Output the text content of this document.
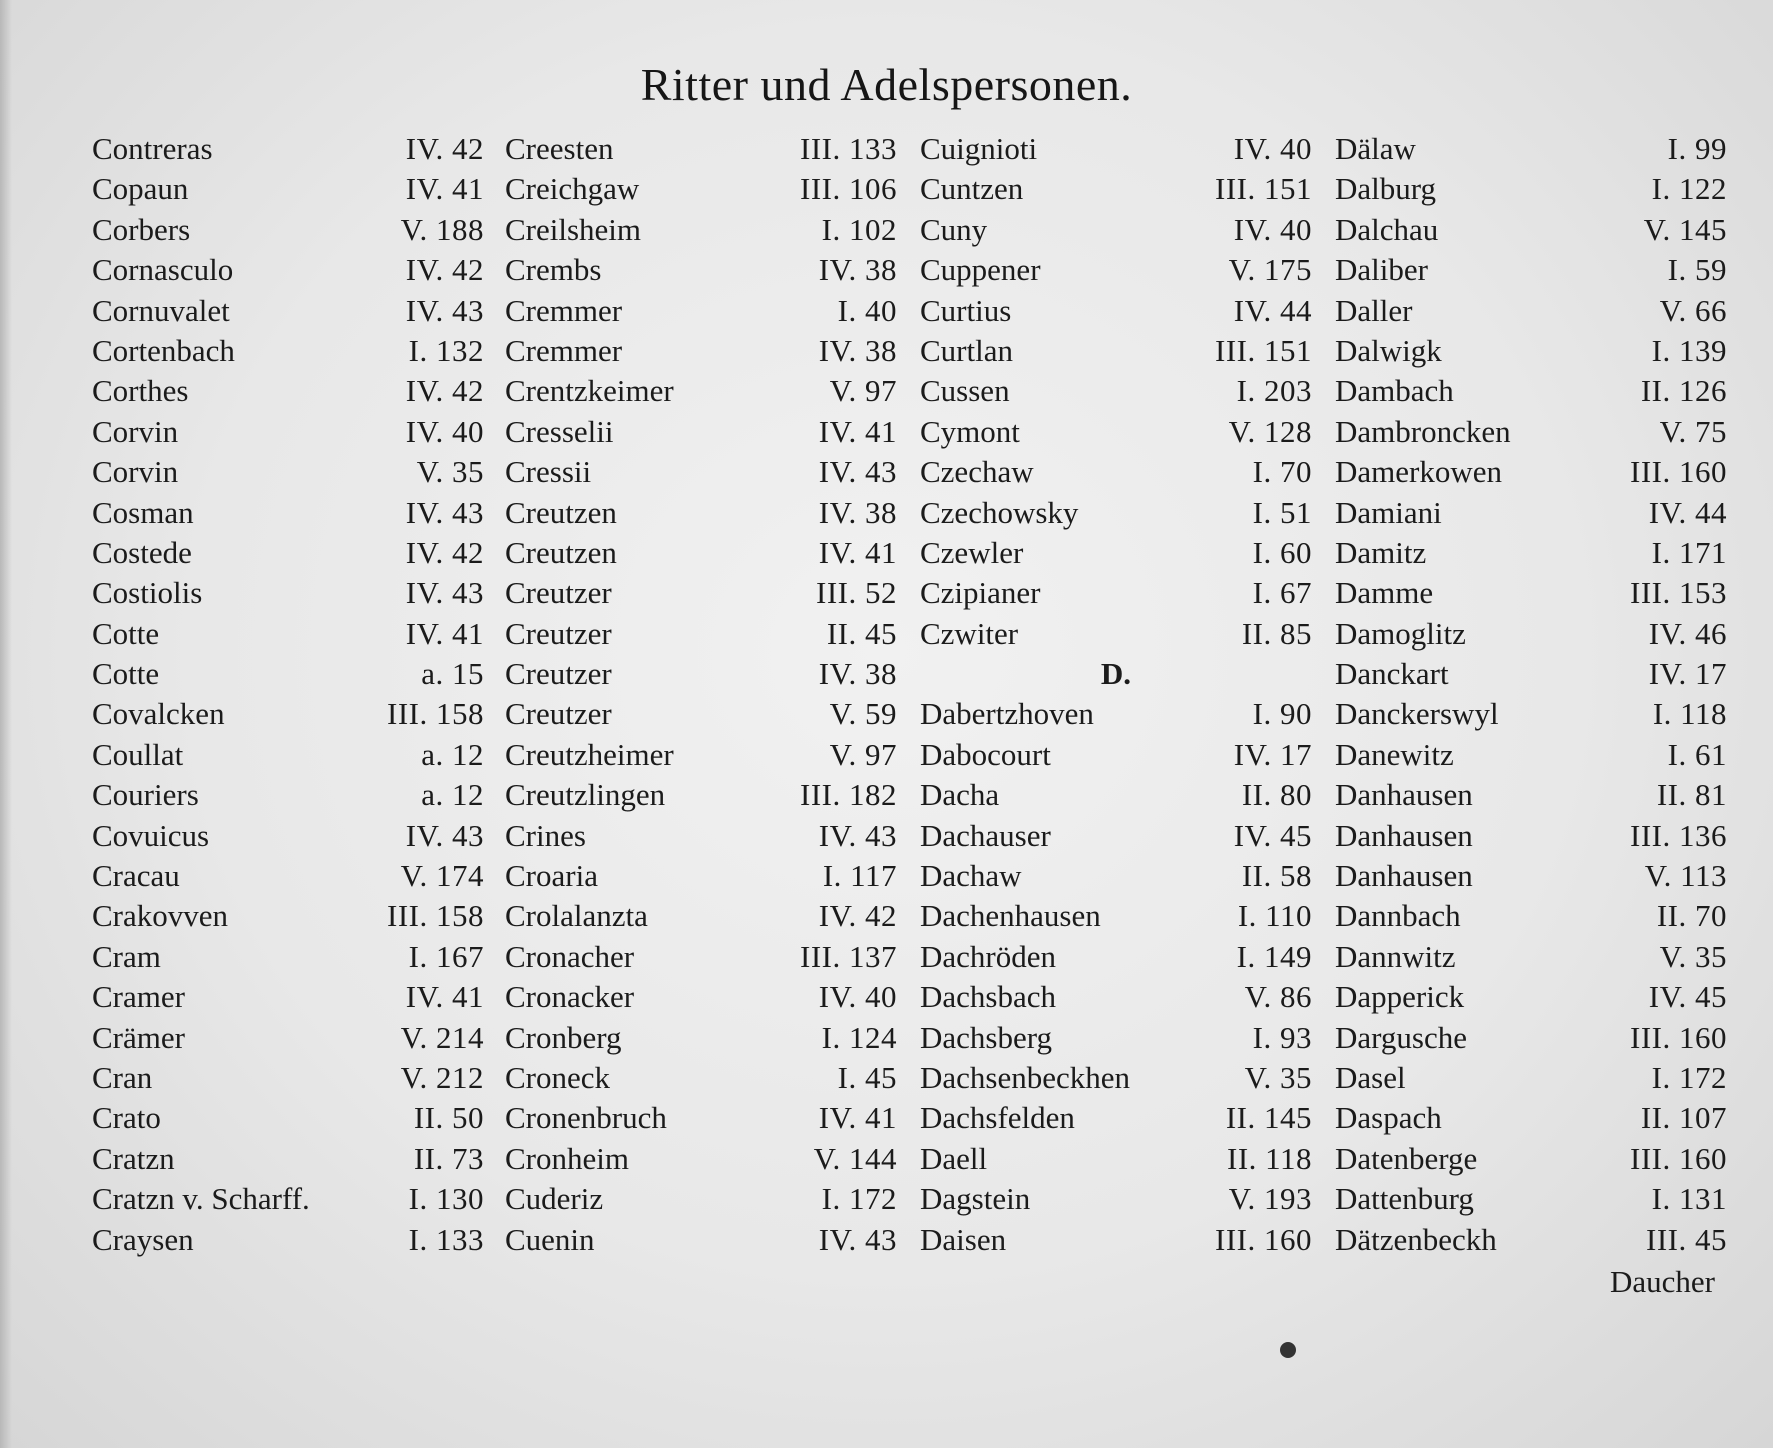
Ritter und Adelspersonen.
Contreras	IV. 42
Copaun	IV. 41
Corbers	V. 188
Cornasculo	IV. 42
Cornuvalet	IV. 43
Cortenbach	I. 132
Corthes	IV. 42
Corvin	IV. 40
Corvin	V. 35
Cosman	IV. 43
Costede	IV. 42
Costiolis	IV. 43
Cotte	IV. 41
Cotte	a. 15
Covalcken	III. 158
Coullat	a. 12
Couriers	a. 12
Covuicus	IV. 43
Cracau	V. 174
Crakovven	III. 158
Cram	I. 167
Cramer	IV. 41
Crämer	V. 214
Cran	V. 212
Crato	II. 50
Cratzn	II. 73
Cratzn v. Scharff.	I. 130
Craysen	I. 133
Creesten	III. 133
Creichgaw	III. 106
Creilsheim	I. 102
Crembs	IV. 38
Cremmer	I. 40
Cremmer	IV. 38
Crentzkeimer	V. 97
Cresselii	IV. 41
Cressii	IV. 43
Creutzen	IV. 38
Creutzen	IV. 41
Creutzer	III. 52
Creutzer	II. 45
Creutzer	IV. 38
Creutzer	V. 59
Creutzheimer	V. 97
Creutzlingen	III. 182
Crines	IV. 43
Croaria	I. 117
Crolalanzta	IV. 42
Cronacher	III. 137
Cronacker	IV. 40
Cronberg	I. 124
Croneck	I. 45
Cronenbruch	IV. 41
Cronheim	V. 144
Cuderiz	I. 172
Cuenin	IV. 43
Cuignioti	IV. 40
Cuntzen	III. 151
Cuny	IV. 40
Cuppener	V. 175
Curtius	IV. 44
Curtlan	III. 151
Cussen	I. 203
Cymont	V. 128
Czechaw	I. 70
Czechowsky	I. 51
Czewler	I. 60
Czipianer	I. 67
Czwiter	II. 85
D.
Dabertzhoven	I. 90
Dabocourt	IV. 17
Dacha	II. 80
Dachauser	IV. 45
Dachaw	II. 58
Dachenhausen	I. 110
Dachröden	I. 149
Dachsbach	V. 86
Dachsberg	I. 93
Dachsenbeckhen	V. 35
Dachsfelden	II. 145
Daell	II. 118
Dagstein	V. 193
Daisen	III. 160
Dälaw	I. 99
Dalburg	I. 122
Dalchau	V. 145
Daliber	I. 59
Daller	V. 66
Dalwigk	I. 139
Dambach	II. 126
Dambroncken	V. 75
Damerkowen	III. 160
Damiani	IV. 44
Damitz	I. 171
Damme	III. 153
Damoglitz	IV. 46
Danckart	IV. 17
Danckerswyl	I. 118
Danewitz	I. 61
Danhausen	II. 81
Danhausen	III. 136
Danhausen	V. 113
Dannbach	II. 70
Dannwitz	V. 35
Dapperick	IV. 45
Dargusche	III. 160
Dasel	I. 172
Daspach	II. 107
Datenberge	III. 160
Dattenburg	I. 131
Dätzenbeckh	III. 45
Daucher
